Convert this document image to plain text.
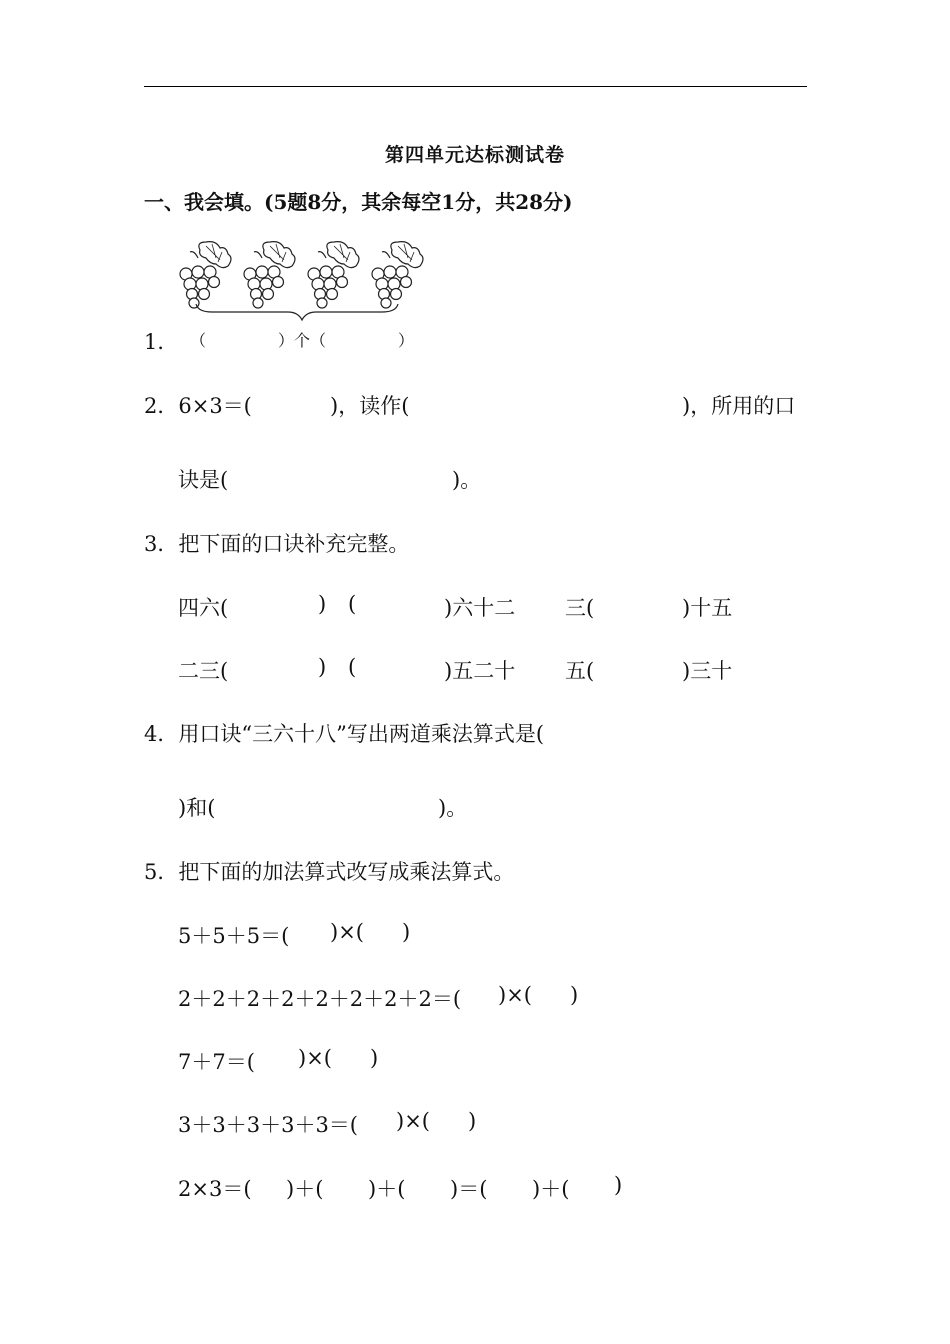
第四单元达标测试卷
一、我会填。(5题8分，其余每空1分，共28分)
1． （	）个（	）
2．6×3＝(	)，读作(	)，所用的口
诀是(	)。
3．把下面的口诀补充完整。
四六(	) (	)六十二 三(	)十五
二三(	) (	)五二十 五(	)三十
4．用口诀“三六十八”写出两道乘法算式是(
)和(	)。
5．把下面的加法算式改写成乘法算式。
5＋5＋5＝( )×( )
2＋2＋2＋2＋2＋2＋2＋2＝( )×( )
7＋7＝( )×( )
3＋3＋3＋3＋3＝( )×( )
2×3＝( )＋( )＋( )＝( )＋( )
